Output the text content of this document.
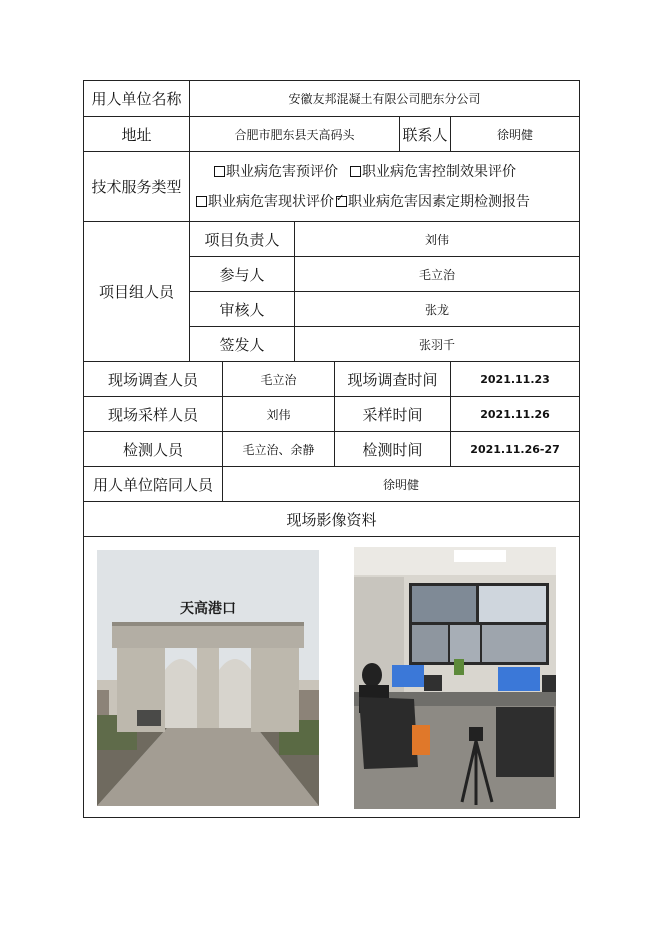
用人单位名称	安徽友邦混凝土有限公司肥东分公司					
地址	合肥市肥东县天高码头				联系人	徐明健
技术服务类型	职业病危害预评价 职业病危害控制效果评价
职业病危害现状评价 ✓ 职业病危害因素定期检测报告					

项目组人员	项目负责人		刘伟			
	参与人		毛立治			
	审核人		张龙			
	签发人		张羽千			
现场调查人员		毛立治		现场调查时间		2021.11.23
现场采样人员		刘伟		采样时间		2021.11.26
检测人员		毛立治、余静		检测时间		2021.11.26-27
用人单位陪同人员		徐明健				
现场影像资料						

天高港口						
